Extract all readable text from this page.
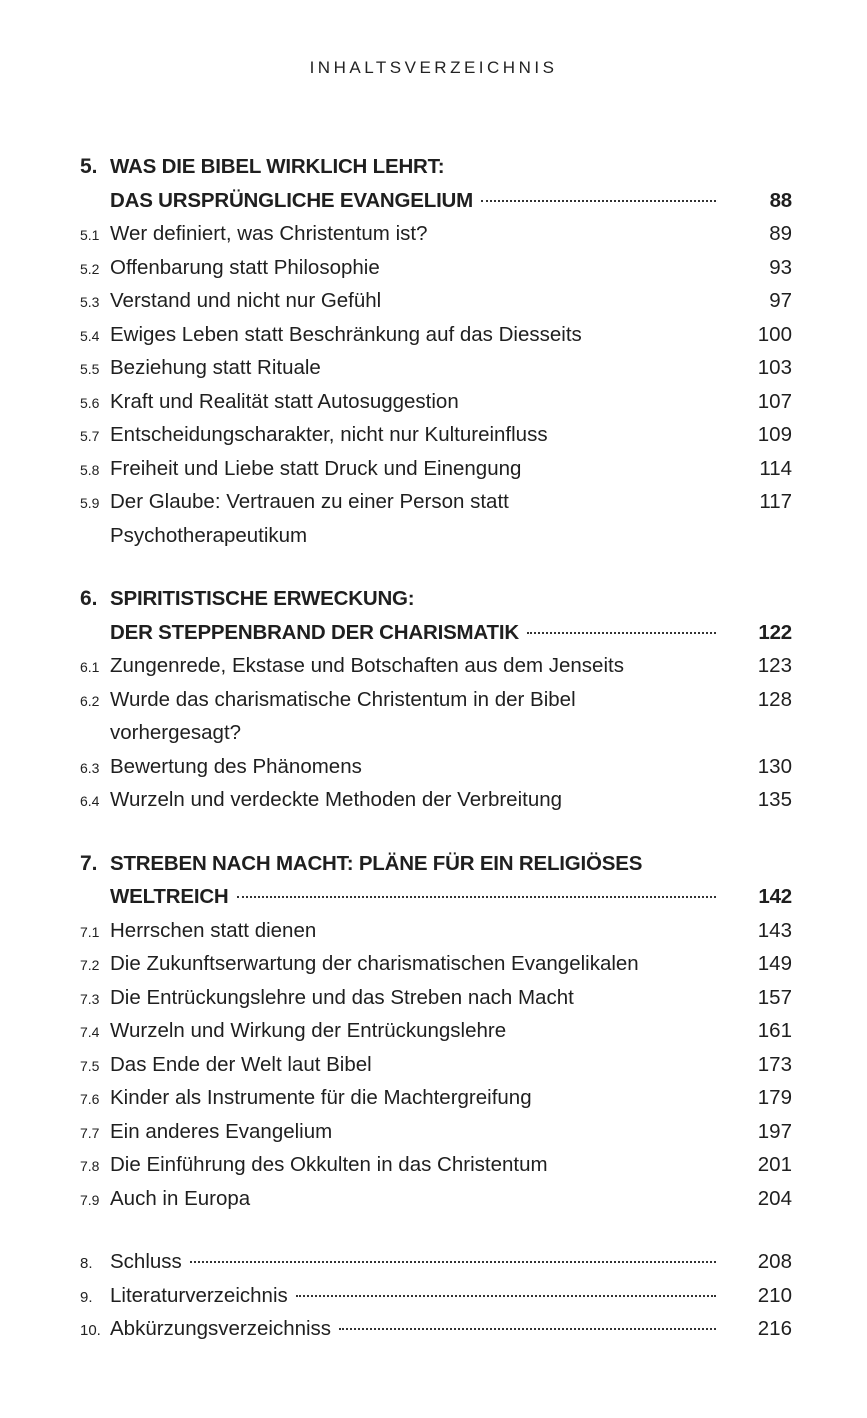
INHALTSVERZEICHNIS
5. WAS DIE BIBEL WIRKLICH LEHRT:
DAS URSPRÜNGLICHE EVANGELIUM	88
5.1 Wer definiert, was Christentum ist?	89
5.2 Offenbarung statt Philosophie	93
5.3 Verstand und nicht nur Gefühl	97
5.4 Ewiges Leben statt Beschränkung auf das Diesseits	100
5.5 Beziehung statt Rituale	103
5.6 Kraft und Realität statt Autosuggestion	107
5.7 Entscheidungscharakter, nicht nur Kultureinfluss	109
5.8 Freiheit und Liebe statt Druck und Einengung	114
5.9 Der Glaube: Vertrauen zu einer Person statt	117
Psychotherapeutikum
6. SPIRITISTISCHE ERWECKUNG:
DER STEPPENBRAND DER CHARISMATIK	122
6.1 Zungenrede, Ekstase und Botschaften aus dem Jenseits	123
6.2 Wurde das charismatische Christentum in der Bibel	128
vorhergesagt?
6.3 Bewertung des Phänomens	130
6.4 Wurzeln und verdeckte Methoden der Verbreitung	135
7. STREBEN NACH MACHT: PLÄNE FÜR EIN RELIGIÖSES
WELTREICH	142
7.1 Herrschen statt dienen	143
7.2 Die Zukunftserwartung der charismatischen Evangelikalen	149
7.3 Die Entrückungslehre und das Streben nach Macht	157
7.4 Wurzeln und Wirkung der Entrückungslehre	161
7.5 Das Ende der Welt laut Bibel	173
7.6 Kinder als Instrumente für die Machtergreifung	179
7.7 Ein anderes Evangelium	197
7.8 Die Einführung des Okkulten in das Christentum	201
7.9 Auch in Europa	204
8. Schluss	208
9. Literaturverzeichnis	210
10. Abkürzungsverzeichniss	216
